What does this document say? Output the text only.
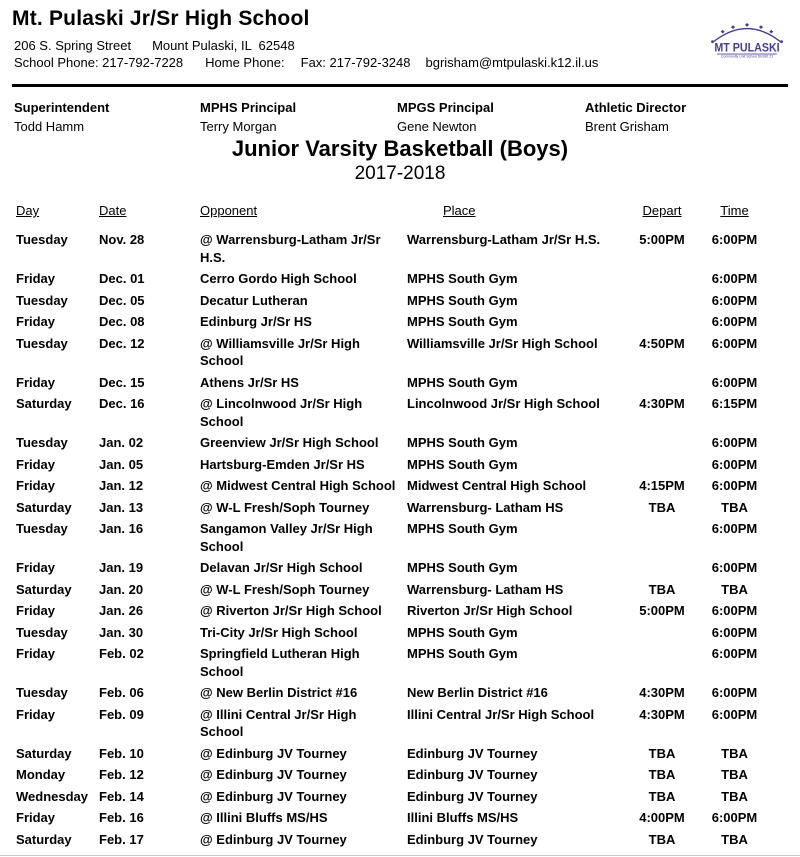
Mt. Pulaski Jr/Sr High School
206 S. Spring Street Mount Pulaski, IL  62548
School Phone: 217-792-7228 Home Phone: Fax: 217-792-3248 bgrisham@mtpulaski.k12.il.us
MT PULASKI
Community Unit School District 23
Superintendent
Todd Hamm
MPHS Principal
Terry Morgan
MPGS Principal
Gene Newton
Athletic Director
Brent Grisham
Junior Varsity Basketball (Boys)
2017-2018
Day	Date	Opponent	Place	Depart	Time
Tuesday	Nov. 28	@ Warrensburg-Latham Jr/Sr H.S.	Warrensburg-Latham Jr/Sr H.S.	5:00PM	6:00PM
Friday	Dec. 01	Cerro Gordo High School	MPHS South Gym		6:00PM
Tuesday	Dec. 05	Decatur Lutheran	MPHS South Gym		6:00PM
Friday	Dec. 08	Edinburg Jr/Sr HS	MPHS South Gym		6:00PM
Tuesday	Dec. 12	@ Williamsville Jr/Sr High School	Williamsville Jr/Sr High School	4:50PM	6:00PM
Friday	Dec. 15	Athens Jr/Sr HS	MPHS South Gym		6:00PM
Saturday	Dec. 16	@ Lincolnwood Jr/Sr High School	Lincolnwood Jr/Sr High School	4:30PM	6:15PM
Tuesday	Jan. 02	Greenview Jr/Sr High School	MPHS South Gym		6:00PM
Friday	Jan. 05	Hartsburg-Emden Jr/Sr HS	MPHS South Gym		6:00PM
Friday	Jan. 12	@ Midwest Central High School	Midwest Central High School	4:15PM	6:00PM
Saturday	Jan. 13	@ W-L Fresh/Soph Tourney	Warrensburg- Latham HS	TBA	TBA
Tuesday	Jan. 16	Sangamon Valley Jr/Sr High School	MPHS South Gym		6:00PM
Friday	Jan. 19	Delavan Jr/Sr High School	MPHS South Gym		6:00PM
Saturday	Jan. 20	@ W-L Fresh/Soph Tourney	Warrensburg- Latham HS	TBA	TBA
Friday	Jan. 26	@ Riverton Jr/Sr High School	Riverton Jr/Sr High School	5:00PM	6:00PM
Tuesday	Jan. 30	Tri-City Jr/Sr High School	MPHS South Gym		6:00PM
Friday	Feb. 02	Springfield Lutheran High School	MPHS South Gym		6:00PM
Tuesday	Feb. 06	@ New Berlin District #16	New Berlin District #16	4:30PM	6:00PM
Friday	Feb. 09	@ Illini Central Jr/Sr High School	Illini Central Jr/Sr High School	4:30PM	6:00PM
Saturday	Feb. 10	@ Edinburg JV Tourney	Edinburg JV Tourney	TBA	TBA
Monday	Feb. 12	@ Edinburg JV Tourney	Edinburg JV Tourney	TBA	TBA
Wednesday	Feb. 14	@ Edinburg JV Tourney	Edinburg JV Tourney	TBA	TBA
Friday	Feb. 16	@ Illini Bluffs MS/HS	Illini Bluffs MS/HS	4:00PM	6:00PM
Saturday	Feb. 17	@ Edinburg JV Tourney	Edinburg JV Tourney	TBA	TBA
